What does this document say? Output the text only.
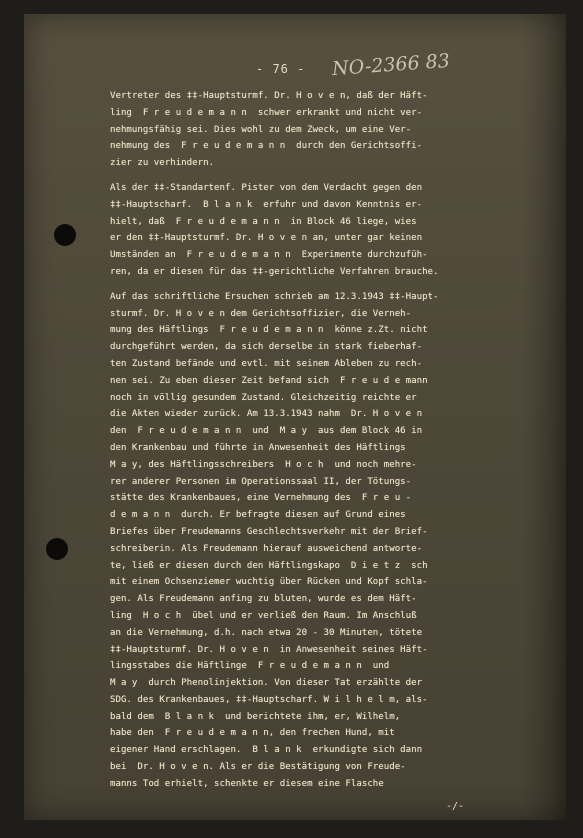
- 76 - NO-2366 83
Vertreter des ‡‡-Hauptsturmf. Dr. H o v e n, daß der Häft-
ling  F r e u d e m a n n  schwer erkrankt und nicht ver-
nehmungsfähig sei. Dies wohl zu dem Zweck, um eine Ver-
nehmung des  F r e u d e m a n n  durch den Gerichtsoffi-
zier zu verhindern.
Als der ‡‡-Standartenf. Pister von dem Verdacht gegen den
‡‡-Hauptscharf.  B l a n k  erfuhr und davon Kenntnis er-
hielt, daß  F r e u d e m a n n  in Block 46 liege, wies
er den ‡‡-Hauptsturmf. Dr. H o v e n an, unter gar keinen
Umständen an  F r e u d e m a n n  Experimente durchzufüh-
ren, da er diesen für das ‡‡-gerichtliche Verfahren brauche.
Auf das schriftliche Ersuchen schrieb am 12.3.1943 ‡‡-Haupt-
sturmf. Dr. H o v e n dem Gerichtsoffizier, die Verneh-
mung des Häftlings  F r e u d e m a n n  könne z.Zt. nicht
durchgeführt werden, da sich derselbe in stark fieberhaf-
ten Zustand befände und evtl. mit seinem Ableben zu rech-
nen sei. Zu eben dieser Zeit befand sich  F r e u d e mann
noch in völlig gesundem Zustand. Gleichzeitig reichte er
die Akten wieder zurück. Am 13.3.1943 nahm  Dr. H o v e n
den  F r e u d e m a n n  und  M a y  aus dem Block 46 in
den Krankenbau und führte in Anwesenheit des Häftlings
M a y, des Häftlingsschreibers  H o c h  und noch mehre-
rer anderer Personen im Operationssaal II, der Tötungs-
stätte des Krankenbaues, eine Vernehmung des  F r e u -
d e m a n n  durch. Er befragte diesen auf Grund eines
Briefes über Freudemanns Geschlechtsverkehr mit der Brief-
schreiberin. Als Freudemann hierauf ausweichend antworte-
te, ließ er diesen durch den Häftlingskapo  D i e t z  sch
mit einem Ochsenziemer wuchtig über Rücken und Kopf schla-
gen. Als Freudemann anfing zu bluten, wurde es dem Häft-
ling  H o c h  übel und er verließ den Raum. Im Anschluß
an die Vernehmung, d.h. nach etwa 20 - 30 Minuten, tötete
‡‡-Hauptsturmf. Dr. H o v e n  in Anwesenheit seines Häft-
lingsstabes die Häftlinge  F r e u d e m a n n  und
M a y  durch Phenolinjektion. Von dieser Tat erzählte der
SDG. des Krankenbaues, ‡‡-Hauptscharf. W i l h e l m, als-
bald dem  B l a n k  und berichtete ihm, er, Wilhelm,
habe den  F r e u d e m a n n, den frechen Hund, mit
eigener Hand erschlagen.  B l a n k  erkundigte sich dann
bei  Dr. H o v e n. Als er die Bestätigung von Freude-
manns Tod erhielt, schenkte er diesem eine Flasche
-/-
